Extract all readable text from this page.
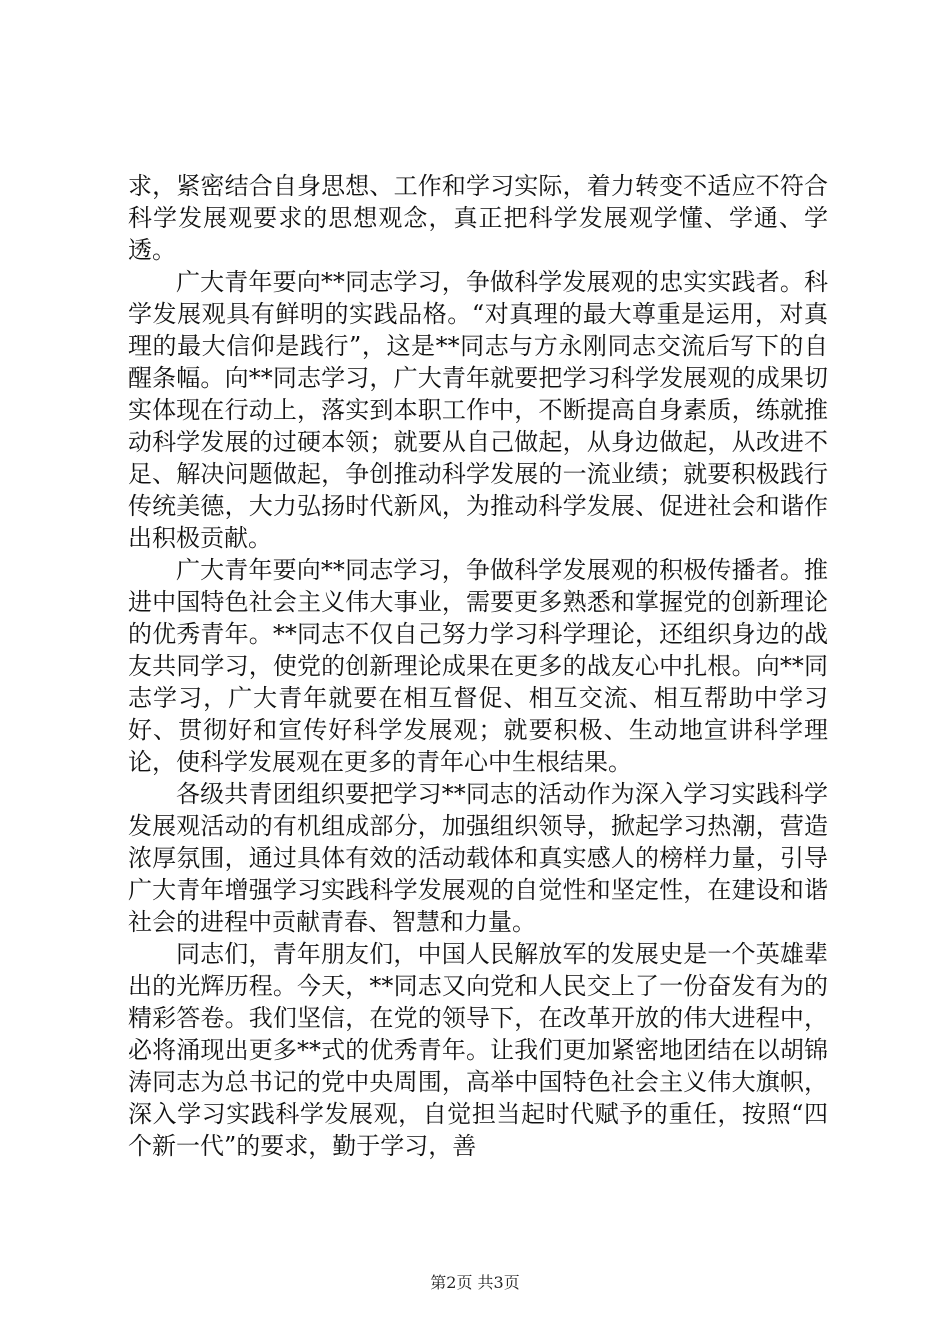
求，紧密结合自身思想、工作和学习实际，着力转变不适应不符合科学发展观要求的思想观念，真正把科学发展观学懂、学通、学透。

广大青年要向**同志学习，争做科学发展观的忠实实践者。科学发展观具有鲜明的实践品格。“对真理的最大尊重是运用，对真理的最大信仰是践行”，这是**同志与方永刚同志交流后写下的自醒条幅。向**同志学习，广大青年就要把学习科学发展观的成果切实体现在行动上，落实到本职工作中，不断提高自身素质，练就推动科学发展的过硬本领；就要从自己做起，从身边做起，从改进不足、解决问题做起，争创推动科学发展的一流业绩；就要积极践行传统美德，大力弘扬时代新风，为推动科学发展、促进社会和谐作出积极贡献。

广大青年要向**同志学习，争做科学发展观的积极传播者。推进中国特色社会主义伟大事业，需要更多熟悉和掌握党的创新理论的优秀青年。**同志不仅自己努力学习科学理论，还组织身边的战友共同学习，使党的创新理论成果在更多的战友心中扎根。向**同志学习，广大青年就要在相互督促、相互交流、相互帮助中学习好、贯彻好和宣传好科学发展观；就要积极、生动地宣讲科学理论，使科学发展观在更多的青年心中生根结果。

各级共青团组织要把学习**同志的活动作为深入学习实践科学发展观活动的有机组成部分，加强组织领导，掀起学习热潮，营造浓厚氛围，通过具体有效的活动载体和真实感人的榜样力量，引导广大青年增强学习实践科学发展观的自觉性和坚定性，在建设和谐社会的进程中贡献青春、智慧和力量。

同志们，青年朋友们，中国人民解放军的发展史是一个英雄辈出的光辉历程。今天，**同志又向党和人民交上了一份奋发有为的精彩答卷。我们坚信，在党的领导下，在改革开放的伟大进程中，必将涌现出更多**式的优秀青年。让我们更加紧密地团结在以胡锦涛同志为总书记的党中央周围，高举中国特色社会主义伟大旗帜，深入学习实践科学发展观，自觉担当起时代赋予的重任，按照“四个新一代”的要求，勤于学习，善

第2页 共3页
